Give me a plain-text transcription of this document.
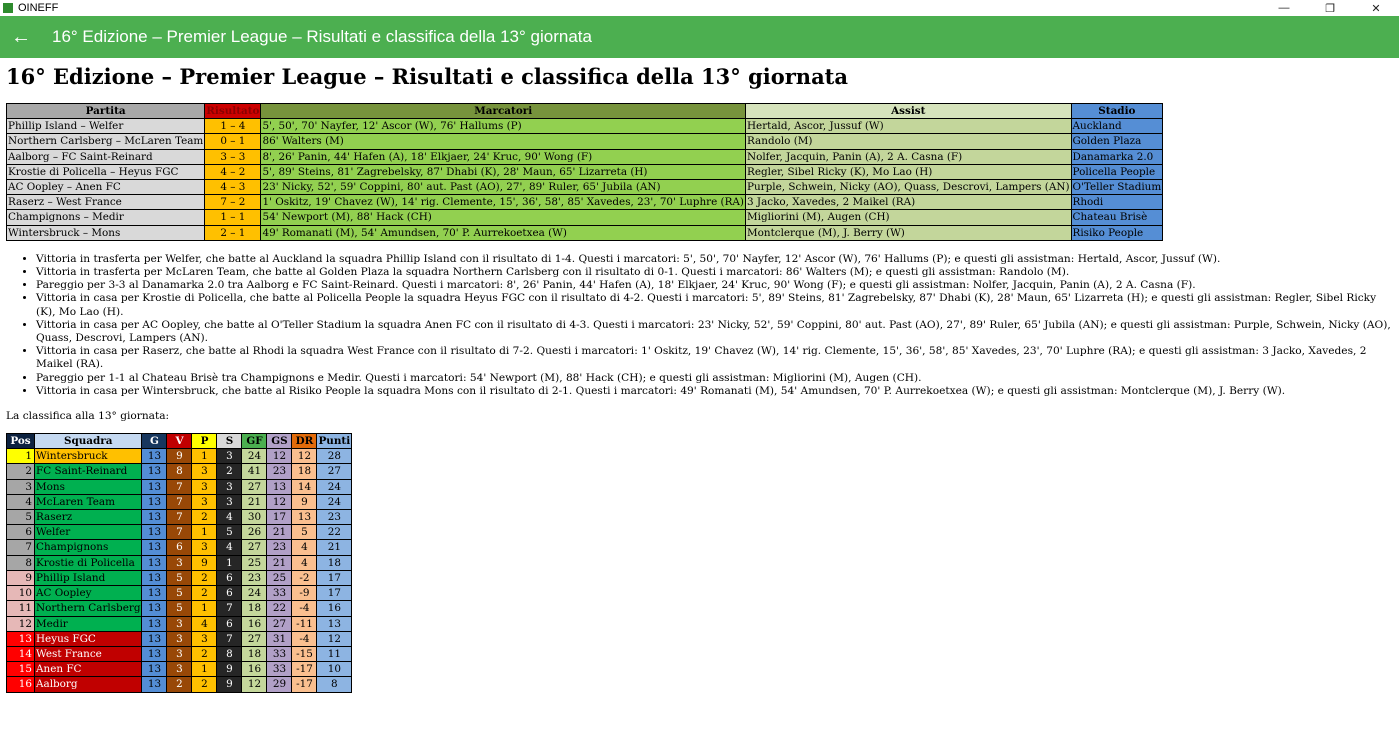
OINEFF	—	❐	✕
←	16° Edizione – Premier League – Risultati e classifica della 13° giornata
16° Edizione – Premier League – Risultati e classifica della 13° giornata
Partita	Risultato	Marcatori	Assist	Stadio
Phillip Island – Welfer	1 – 4	5', 50', 70' Nayfer, 12' Ascor (W), 76' Hallums (P)	Hertald, Ascor, Jussuf (W)	Auckland
Northern Carlsberg – McLaren Team	0 – 1	86' Walters (M)	Randolo (M)	Golden Plaza
Aalborg – FC Saint-Reinard	3 – 3	8', 26' Panin, 44' Hafen (A), 18' Elkjaer, 24' Kruc, 90' Wong (F)	Nolfer, Jacquin, Panin (A), 2 A. Casna (F)	Danamarka 2.0
Krostie di Policella – Heyus FGC	4 – 2	5', 89' Steins, 81' Zagrebelsky, 87' Dhabi (K), 28' Maun, 65' Lizarreta (H)	Regler, Sibel Ricky (K), Mo Lao (H)	Policella People
AC Oopley – Anen FC	4 – 3	23' Nicky, 52', 59' Coppini, 80' aut. Past (AO), 27', 89' Ruler, 65' Jubila (AN)	Purple, Schwein, Nicky (AO), Quass, Descrovi, Lampers (AN)	O'Teller Stadium
Raserz – West France	7 – 2	1' Oskitz, 19' Chavez (W), 14' rig. Clemente, 15', 36', 58', 85' Xavedes, 23', 70' Luphre (RA)	3 Jacko, Xavedes, 2 Maikel (RA)	Rhodi
Champignons – Medir	1 – 1	54' Newport (M), 88' Hack (CH)	Migliorini (M), Augen (CH)	Chateau Brisè
Wintersbruck – Mons	2 – 1	49' Romanati (M), 54' Amundsen, 70' P. Aurrekoetxea (W)	Montclerque (M), J. Berry (W)	Risiko People
• Vittoria in trasferta per Welfer, che batte al Auckland la squadra Phillip Island con il risultato di 1-4. Questi i marcatori: 5', 50', 70' Nayfer, 12' Ascor (W), 76' Hallums (P); e questi gli assistman: Hertald, Ascor, Jussuf (W).
• Vittoria in trasferta per McLaren Team, che batte al Golden Plaza la squadra Northern Carlsberg con il risultato di 0-1. Questi i marcatori: 86' Walters (M); e questi gli assistman: Randolo (M).
• Pareggio per 3-3 al Danamarka 2.0 tra Aalborg e FC Saint-Reinard. Questi i marcatori: 8', 26' Panin, 44' Hafen (A), 18' Elkjaer, 24' Kruc, 90' Wong (F); e questi gli assistman: Nolfer, Jacquin, Panin (A), 2 A. Casna (F).
• Vittoria in casa per Krostie di Policella, che batte al Policella People la squadra Heyus FGC con il risultato di 4-2. Questi i marcatori: 5', 89' Steins, 81' Zagrebelsky, 87' Dhabi (K), 28' Maun, 65' Lizarreta (H); e questi gli assistman: Regler, Sibel Ricky (K), Mo Lao (H).
• Vittoria in casa per AC Oopley, che batte al O'Teller Stadium la squadra Anen FC con il risultato di 4-3. Questi i marcatori: 23' Nicky, 52', 59' Coppini, 80' aut. Past (AO), 27', 89' Ruler, 65' Jubila (AN); e questi gli assistman: Purple, Schwein, Nicky (AO), Quass, Descrovi, Lampers (AN).
• Vittoria in casa per Raserz, che batte al Rhodi la squadra West France con il risultato di 7-2. Questi i marcatori: 1' Oskitz, 19' Chavez (W), 14' rig. Clemente, 15', 36', 58', 85' Xavedes, 23', 70' Luphre (RA); e questi gli assistman: 3 Jacko, Xavedes, 2 Maikel (RA).
• Pareggio per 1-1 al Chateau Brisè tra Champignons e Medir. Questi i marcatori: 54' Newport (M), 88' Hack (CH); e questi gli assistman: Migliorini (M), Augen (CH).
• Vittoria in casa per Wintersbruck, che batte al Risiko People la squadra Mons con il risultato di 2-1. Questi i marcatori: 49' Romanati (M), 54' Amundsen, 70' P. Aurrekoetxea (W); e questi gli assistman: Montclerque (M), J. Berry (W).
La classifica alla 13° giornata:
Pos	Squadra	G	V	P	S	GF	GS	DR	Punti
1	Wintersbruck	13	9	1	3	24	12	12	28
2	FC Saint-Reinard	13	8	3	2	41	23	18	27
3	Mons	13	7	3	3	27	13	14	24
4	McLaren Team	13	7	3	3	21	12	9	24
5	Raserz	13	7	2	4	30	17	13	23
6	Welfer	13	7	1	5	26	21	5	22
7	Champignons	13	6	3	4	27	23	4	21
8	Krostie di Policella	13	3	9	1	25	21	4	18
9	Phillip Island	13	5	2	6	23	25	-2	17
10	AC Oopley	13	5	2	6	24	33	-9	17
11	Northern Carlsberg	13	5	1	7	18	22	-4	16
12	Medir	13	3	4	6	16	27	-11	13
13	Heyus FGC	13	3	3	7	27	31	-4	12
14	West France	13	3	2	8	18	33	-15	11
15	Anen FC	13	3	1	9	16	33	-17	10
16	Aalborg	13	2	2	9	12	29	-17	8
